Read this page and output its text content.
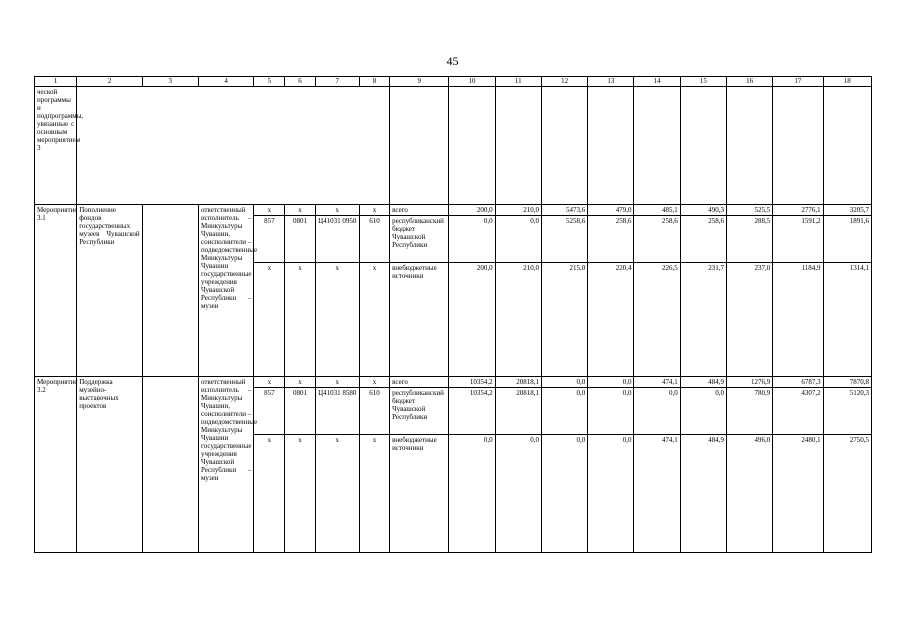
45
1	2	3	4	5	6	7	8	9	10	11	12	13	14	15	16	17	18
ческой программы и подпрограммы, увязанные с основным мероприятием 3																	
Мероприятие 3.1	Пополнение фондов государственных музеев Чувашской Республики		ответственный исполнитель – Минкультуры Чувашии, соисполнители – подведомственные Минкультуры Чувашии государственные учреждения Чувашской Республики – музеи	x	x	x	x	всего	200,0	210,0	5473,6	479,0	485,1	490,3	525,5	2776,1	3205,7
				857	0801	Ц41031 0950	610	республиканский бюджет Чувашской Республики	0,0	0,0	5258,6	258,6	258,6	258,6	288,5	1591,2	1891,6
				x	x	x	x	внебюджетные источники	200,0	210,0	215,0	220,4	226,5	231,7	237,0	1184,9	1314,1
Мероприятие 3.2	Поддержка музейно-выставочных проектов		ответственный исполнитель – Минкультуры Чувашии, соисполнители – подведомственные Минкультуры Чувашии государственные учреждения Чувашской Республики – музеи	x	x	x	x	всего	10354,2	20818,1	0,0	0,0	474,1	484,9	1276,9	6787,3	7870,8
				857	0801	Ц41031 8580	610	республиканский бюджет Чувашской Республики	10354,2	20818,1	0,0	0,0	0,0	0,0	780,9	4307,2	5120,3
				x	x	x	x	внебюджетные источники	0,0	0,0	0,0	0,0	474,1	484,9	496,0	2480,1	2750,5
